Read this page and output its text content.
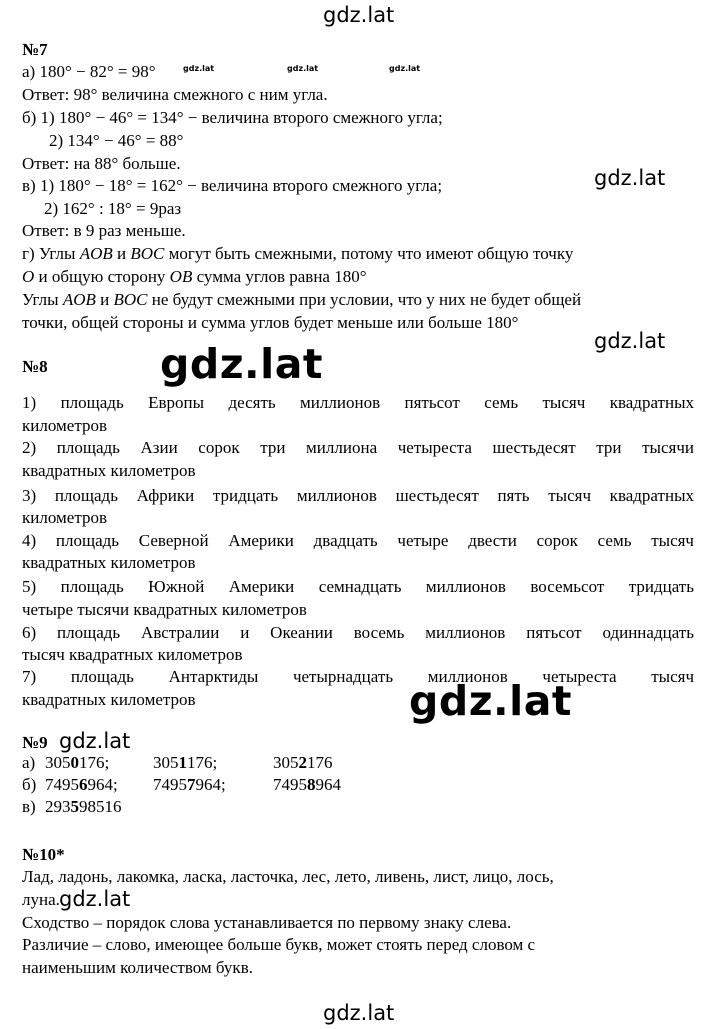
gdz.lat
gdz.lat	gdz.lat	gdz.lat
gdz.lat
gdz.lat
gdz.lat
gdz.lat
gdz.lat
gdz.lat
gdz.lat
№7
а) 180° − 82° = 98°
Ответ: 98° величина смежного с ним угла.
б) 1) 180° − 46° = 134° − величина второго смежного угла;
2) 134° − 46° = 88°
Ответ: на 88° больше.
в) 1) 180° − 18° = 162° − величина второго смежного угла;
2) 162° : 18° = 9раз
Ответ: в 9 раз меньше.
г) Углы AOB и BOC могут быть смежными, потому что имеют общую точку
O и общую сторону OB сумма углов равна 180°
Углы AOB и BOC не будут смежными при условии, что у них не будет общей
точки, общей стороны и сумма углов будет меньше или больше 180°
№8
1) площадь Европы десять миллионов пятьсот семь тысяч квадратных
километров
2) площадь Азии сорок три миллиона четыреста шестьдесят три тысячи
квадратных километров
3) площадь Африки тридцать миллионов шестьдесят пять тысяч квадратных
километров
4) площадь Северной Америки двадцать четыре двести сорок семь тысяч
квадратных километров
5) площадь Южной Америки семнадцать миллионов восемьсот тридцать
четыре тысячи квадратных километров
6) площадь Австралии и Океании восемь миллионов пятьсот одиннадцать
тысяч квадратных километров
7) площадь Антарктиды четырнадцать миллионов четыреста тысяч
квадратных километров
№9
а) 3050176;	3051176;	3052176
б) 74956964; 74957964;	74958964
в) 293598516
№10*
Лад, ладонь, лакомка, ласка, ласточка, лес, лето, ливень, лист, лицо, лось,
луна.
Сходство – порядок слова устанавливается по первому знаку слева.
Различие – слово, имеющее больше букв, может стоять перед словом с
наименьшим количеством букв.
